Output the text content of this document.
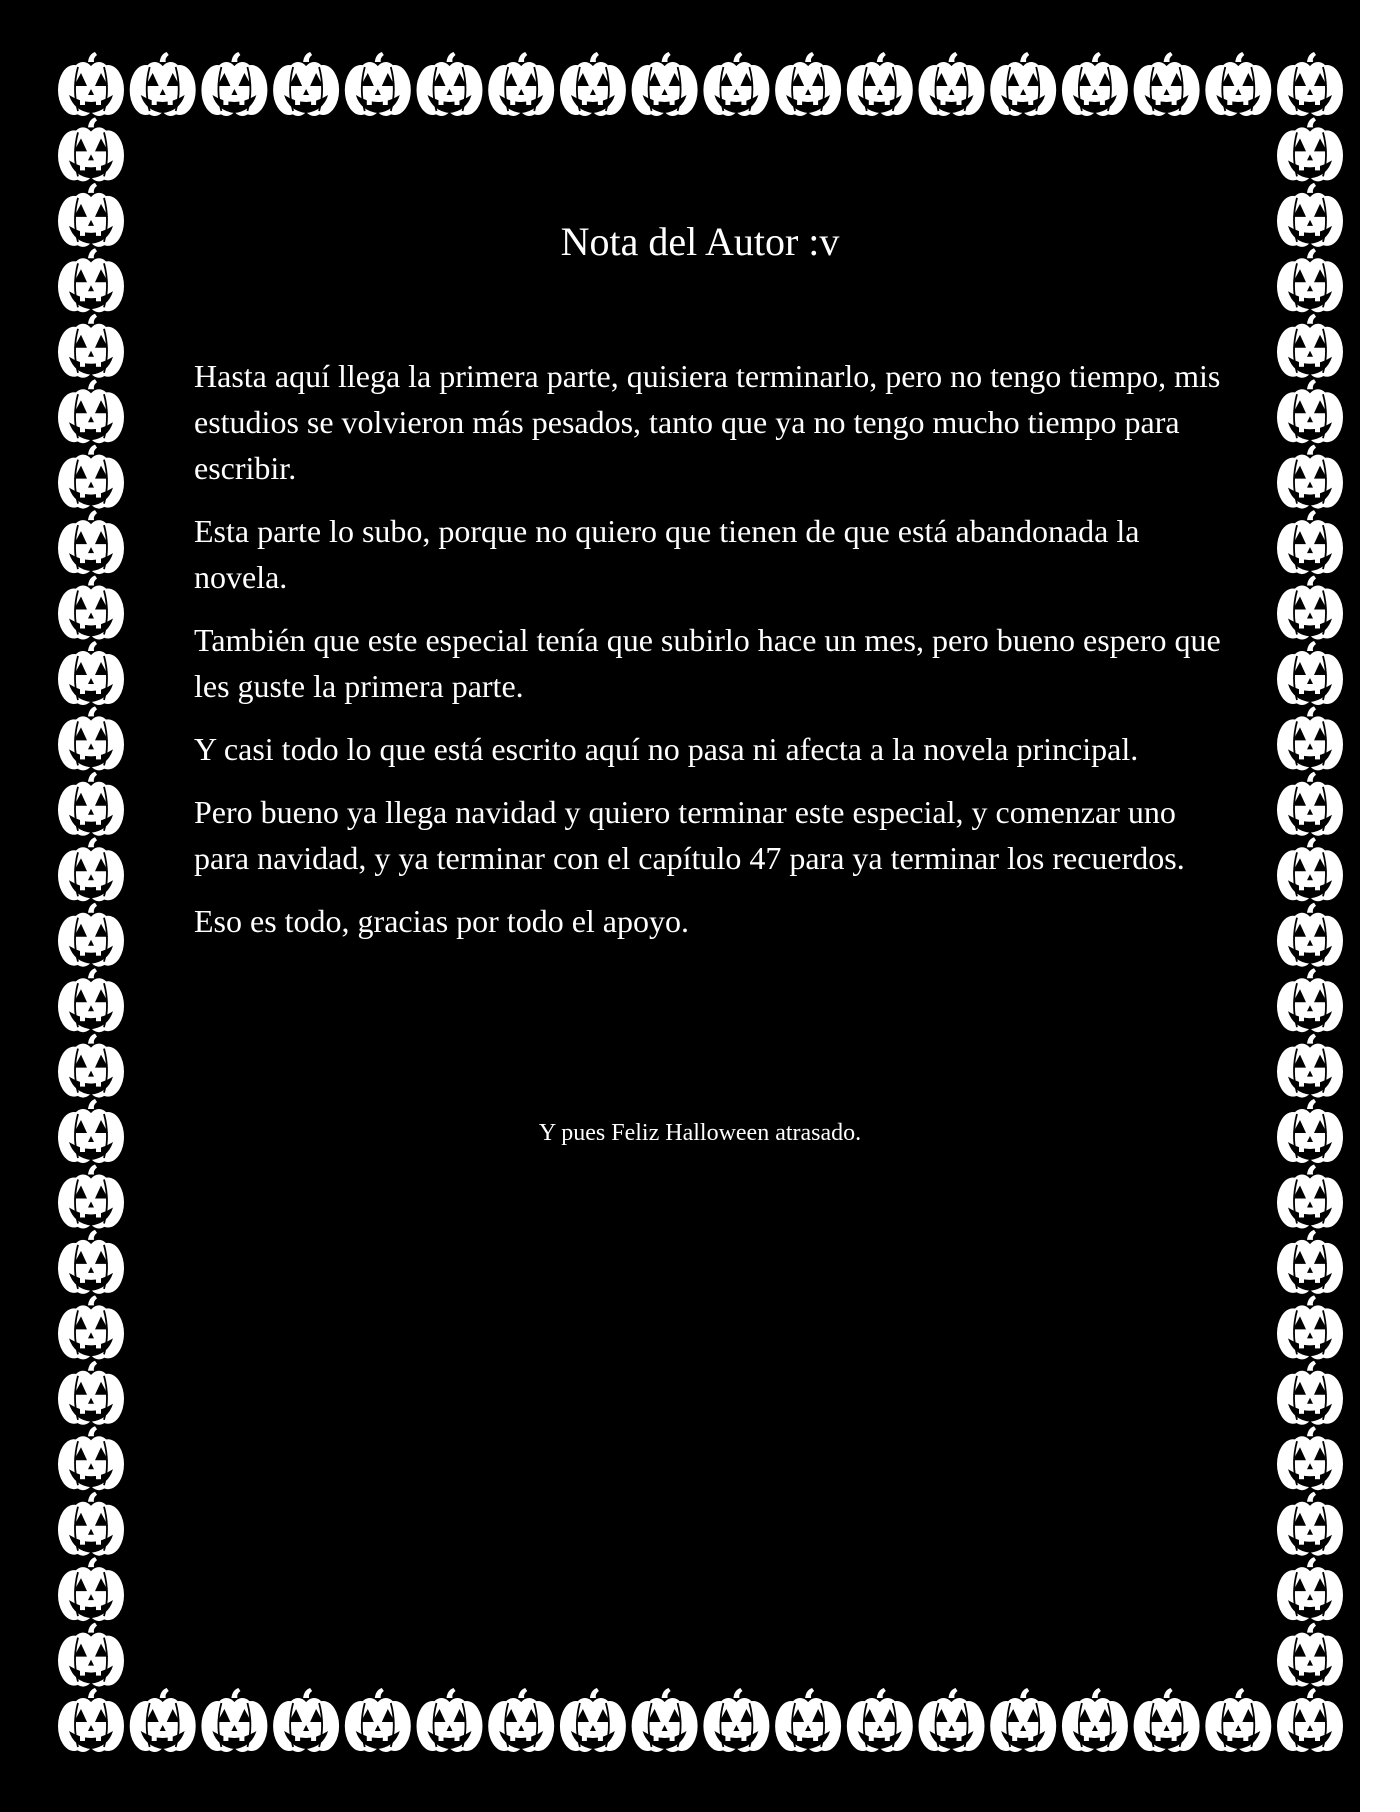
Nota del Autor :v

Hasta aquí llega la primera parte, quisiera terminarlo, pero no tengo tiempo, mis estudios se volvieron más pesados, tanto que ya no tengo mucho tiempo para escribir.

Esta parte lo subo, porque no quiero que tienen de que está abandonada la novela.

También que este especial tenía que subirlo hace un mes, pero bueno espero que les guste la primera parte.

Y casi todo lo que está escrito aquí no pasa ni afecta a la novela principal.

Pero bueno ya llega navidad y quiero terminar este especial, y comenzar uno para navidad, y ya terminar con el capítulo 47 para ya terminar los recuerdos.

Eso es todo, gracias por todo el apoyo.

Y pues Feliz Halloween atrasado.
